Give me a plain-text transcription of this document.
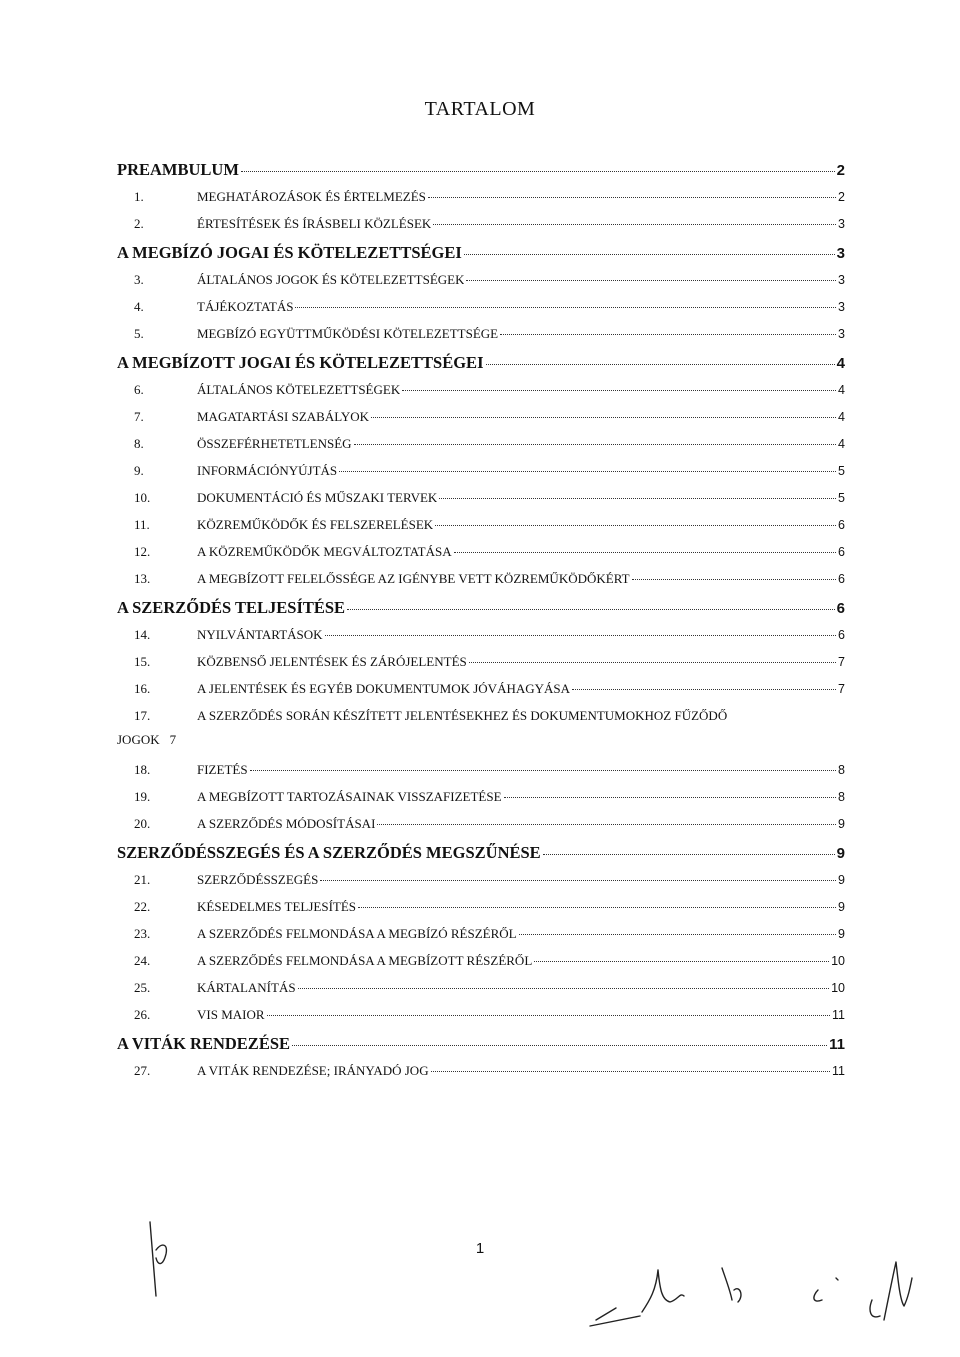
TARTALOM
PREAMBULUM	2
1.	MEGHATÁROZÁSOK ÉS ÉRTELMEZÉS	2
2.	ÉRTESÍTÉSEK ÉS ÍRÁSBELI KÖZLÉSEK	3
A MEGBÍZÓ JOGAI ÉS KÖTELEZETTSÉGEI	3
3.	ÁLTALÁNOS JOGOK ÉS KÖTELEZETTSÉGEK	3
4.	TÁJÉKOZTATÁS	3
5.	MEGBÍZÓ EGYÜTTMŰKÖDÉSI KÖTELEZETTSÉGE	3
A MEGBÍZOTT JOGAI ÉS KÖTELEZETTSÉGEI	4
6.	ÁLTALÁNOS KÖTELEZETTSÉGEK	4
7.	MAGATARTÁSI SZABÁLYOK	4
8.	ÖSSZEFÉRHETETLENSÉG	4
9.	INFORMÁCIÓNYÚJTÁS	5
10.	DOKUMENTÁCIÓ ÉS MŰSZAKI TERVEK	5
11.	KÖZREMŰKÖDŐK ÉS FELSZERELÉSEK	6
12.	A KÖZREMŰKÖDŐK MEGVÁLTOZTATÁSA	6
13.	A MEGBÍZOTT FELELŐSSÉGE AZ IGÉNYBE VETT KÖZREMŰKÖDŐKÉRT	6
A SZERZŐDÉS TELJESÍTÉSE	6
14.	NYILVÁNTARTÁSOK	6
15.	KÖZBENSŐ JELENTÉSEK ÉS ZÁRÓJELENTÉS	7
16.	A JELENTÉSEK ÉS EGYÉB DOKUMENTUMOK JÓVÁHAGYÁSA	7
17.	A SZERZŐDÉS SORÁN KÉSZÍTETT JELENTÉSEKHEZ ÉS DOKUMENTUMOKHOZ FŰZŐDŐ
JOGOK 7
18.	FIZETÉS	8
19.	A MEGBÍZOTT TARTOZÁSAINAK VISSZAFIZETÉSE	8
20.	A SZERZŐDÉS MÓDOSÍTÁSAI	9
SZERZŐDÉSSZEGÉS ÉS A SZERZŐDÉS MEGSZŰNÉSE	9
21.	SZERZŐDÉSSZEGÉS	9
22.	KÉSEDELMES TELJESÍTÉS	9
23.	A SZERZŐDÉS FELMONDÁSA A MEGBÍZÓ RÉSZÉRŐL	9
24.	A SZERZŐDÉS FELMONDÁSA A MEGBÍZOTT RÉSZÉRŐL	10
25.	KÁRTALANÍTÁS	10
26.	VIS MAIOR	11
A VITÁK RENDEZÉSE	11
27.	A VITÁK RENDEZÉSE; IRÁNYADÓ JOG	11
1
